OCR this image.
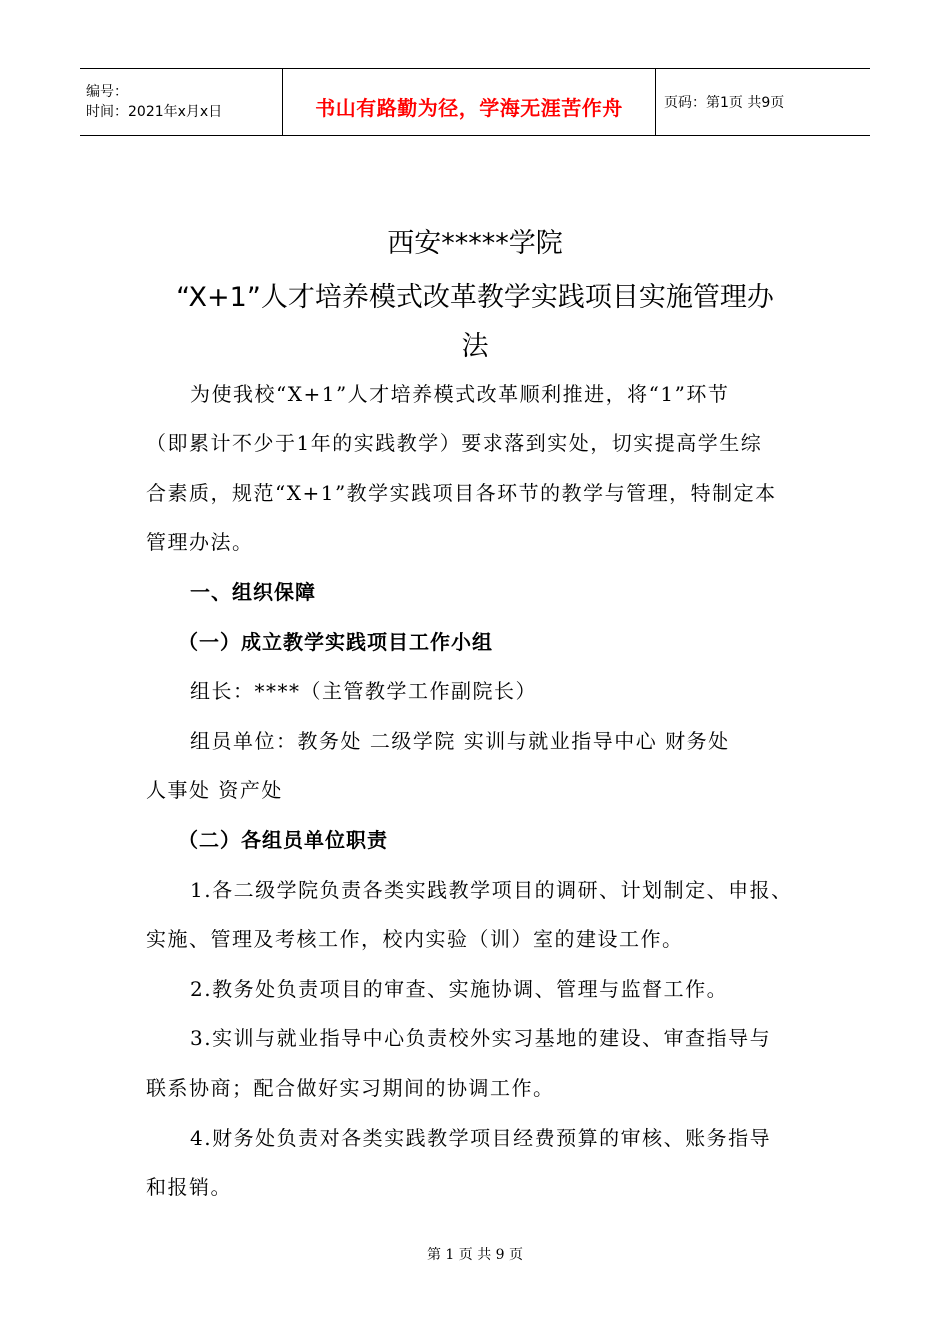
编号：
时间：2021年x月x日	书山有路勤为径，学海无涯苦作舟	页码：第1页 共9页
西安*****学院
“X+1”人才培养模式改革教学实践项目实施管理办
法
为使我校“X+1”人才培养模式改革顺利推进，将“1”环节
（即累计不少于1年的实践教学）要求落到实处，切实提高学生综
合素质，规范“X+1”教学实践项目各环节的教学与管理，特制定本
管理办法。
一、组织保障
（一）成立教学实践项目工作小组
组长：****（主管教学工作副院长）
组员单位：教务处 二级学院 实训与就业指导中心 财务处
人事处 资产处
（二）各组员单位职责
1.各二级学院负责各类实践教学项目的调研、计划制定、申报、
实施、管理及考核工作，校内实验（训）室的建设工作。
2.教务处负责项目的审查、实施协调、管理与监督工作。
3.实训与就业指导中心负责校外实习基地的建设、审查指导与
联系协商；配合做好实习期间的协调工作。
4.财务处负责对各类实践教学项目经费预算的审核、账务指导
和报销。
第 1 页 共 9 页
